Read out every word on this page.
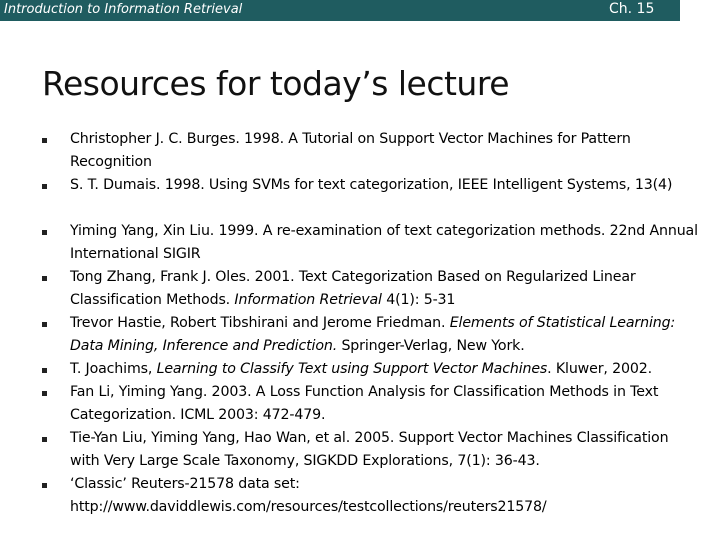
Introduction to Information Retrieval	Ch. 15
Resources for today’s lecture
Christopher J. C. Burges. 1998. A Tutorial on Support Vector Machines for Pattern Recognition
S. T. Dumais. 1998. Using SVMs for text categorization, IEEE Intelligent Systems, 13(4)
Yiming Yang, Xin Liu. 1999. A re-examination of text categorization methods. 22nd Annual International SIGIR
Tong Zhang, Frank J. Oles. 2001. Text Categorization Based on Regularized Linear Classification Methods. Information Retrieval 4(1): 5-31
Trevor Hastie, Robert Tibshirani and Jerome Friedman. Elements of Statistical Learning: Data Mining, Inference and Prediction. Springer-Verlag, New York.
T. Joachims, Learning to Classify Text using Support Vector Machines. Kluwer, 2002.
Fan Li, Yiming Yang. 2003. A Loss Function Analysis for Classification Methods in Text Categorization. ICML 2003: 472-479.
Tie-Yan Liu, Yiming Yang, Hao Wan, et al. 2005. Support Vector Machines Classification with Very Large Scale Taxonomy, SIGKDD Explorations, 7(1): 36-43.
‘Classic’ Reuters-21578 data set: http://www.daviddlewis.com/resources/testcollections/reuters21578/
